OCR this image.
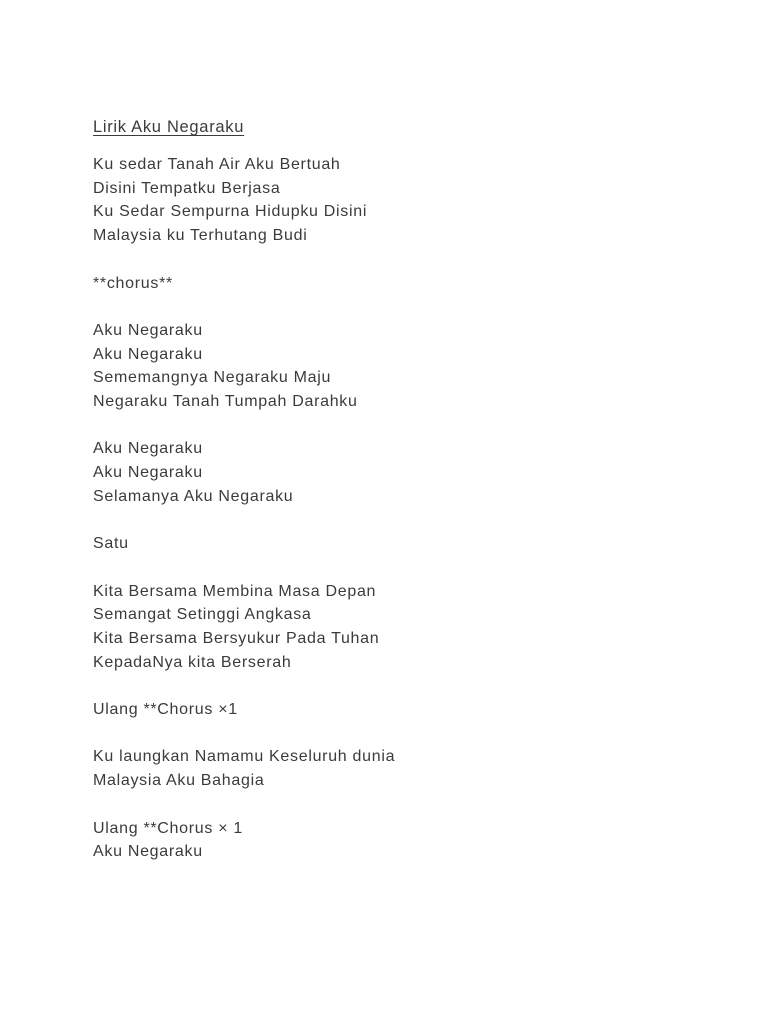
Lirik Aku Negaraku
Ku sedar Tanah Air Aku Bertuah
Disini Tempatku Berjasa
Ku Sedar Sempurna Hidupku Disini
Malaysia ku Terhutang Budi
**chorus**
Aku Negaraku
Aku Negaraku
Sememangnya Negaraku Maju
Negaraku Tanah Tumpah Darahku
Aku Negaraku
Aku Negaraku
Selamanya Aku Negaraku
Satu
Kita Bersama Membina Masa Depan
Semangat Setinggi Angkasa
Kita Bersama Bersyukur Pada Tuhan
KepadaNya kita Berserah
Ulang **Chorus ×1
Ku laungkan Namamu Keseluruh dunia
Malaysia Aku Bahagia
Ulang **Chorus × 1
Aku Negaraku
